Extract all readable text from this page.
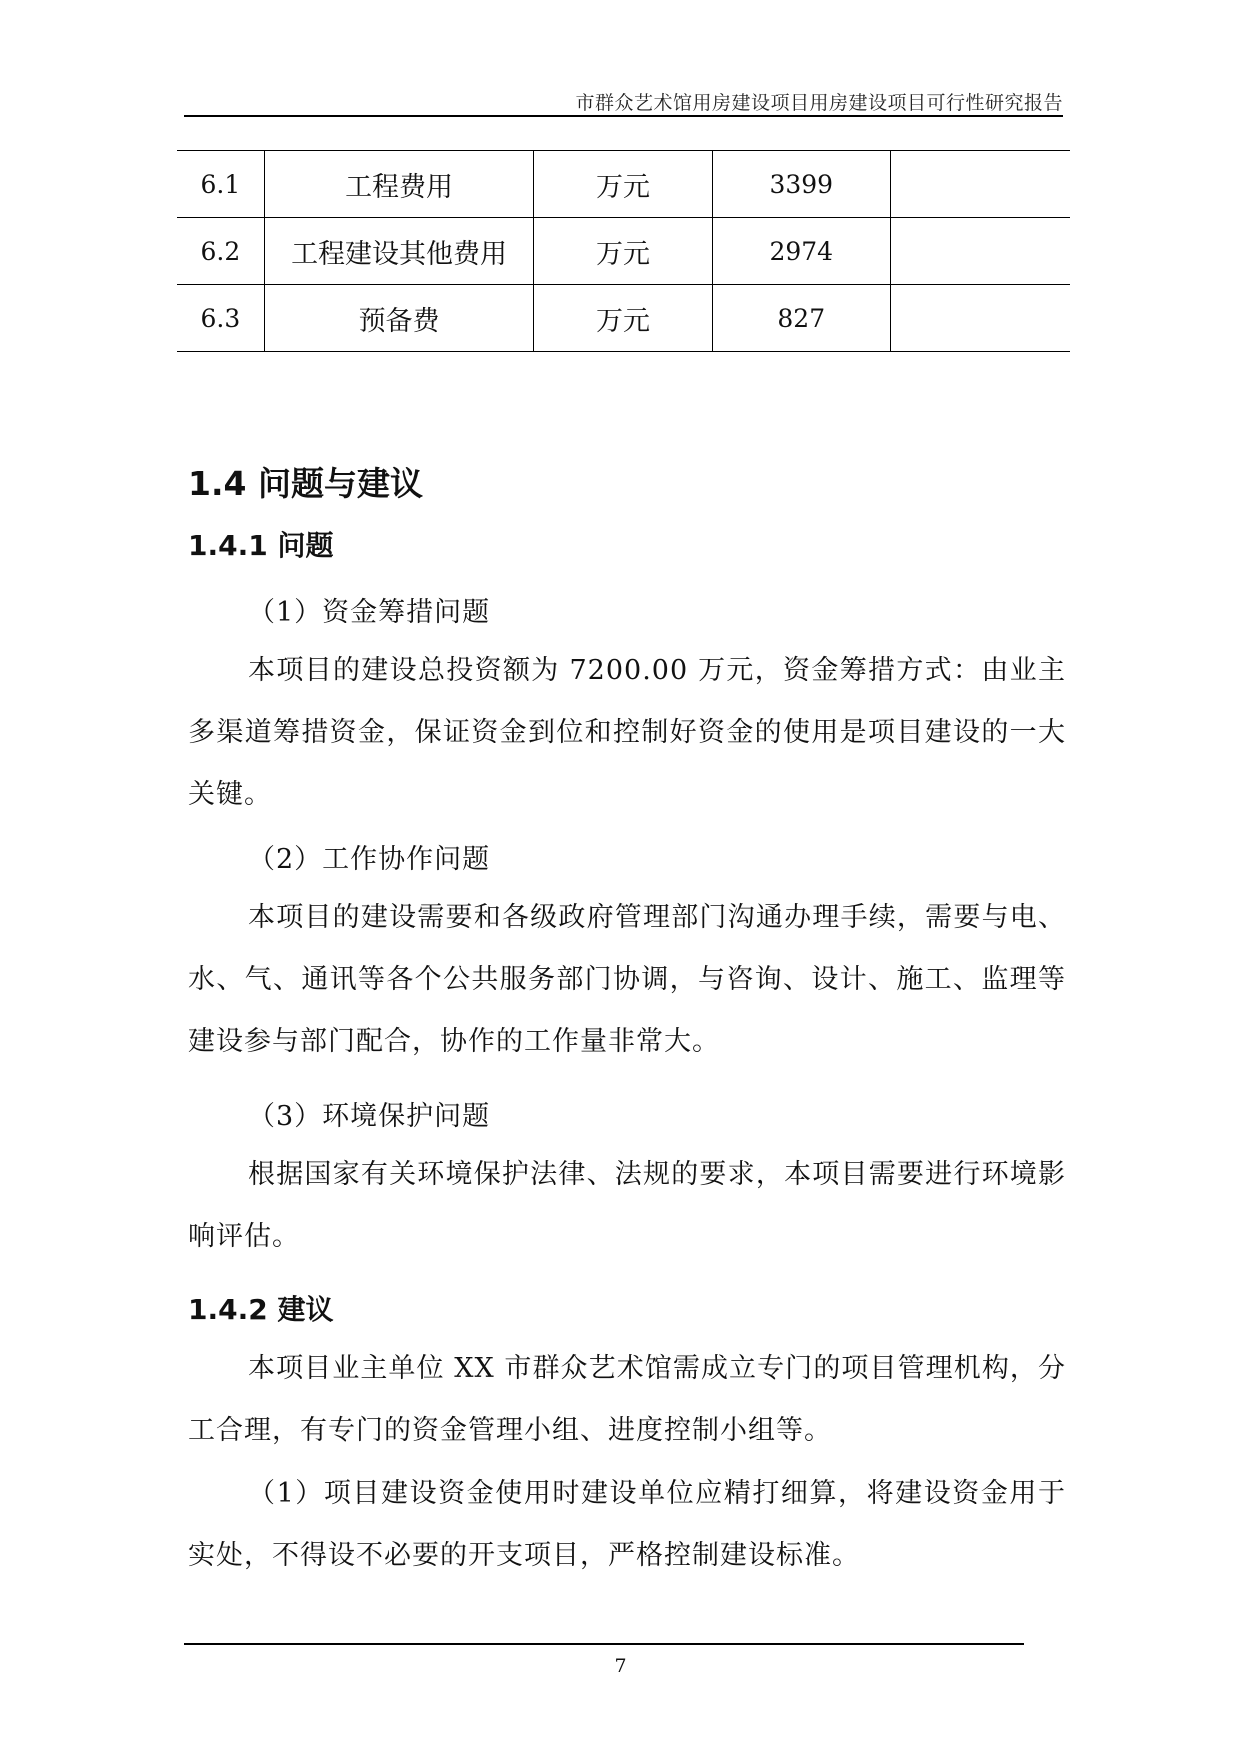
市群众艺术馆用房建设项目用房建设项目可行性研究报告
6.1	工程费用	万元	3399	
6.2	工程建设其他费用	万元	2974	
6.3	预备费	万元	827	
1.4 问题与建议
1.4.1 问题

（1）资金筹措问题

本项目的建设总投资额为 7200.00 万元，资金筹措方式：由业主多渠道筹措资金，保证资金到位和控制好资金的使用是项目建设的一大关键。

（2）工作协作问题

本项目的建设需要和各级政府管理部门沟通办理手续，需要与电、水、气、通讯等各个公共服务部门协调，与咨询、设计、施工、监理等建设参与部门配合，协作的工作量非常大。

（3）环境保护问题

根据国家有关环境保护法律、法规的要求，本项目需要进行环境影响评估。

1.4.2 建议

本项目业主单位 XX 市群众艺术馆需成立专门的项目管理机构，分工合理，有专门的资金管理小组、进度控制小组等。

（1）项目建设资金使用时建设单位应精打细算，将建设资金用于实处，不得设不必要的开支项目，严格控制建设标准。

7
